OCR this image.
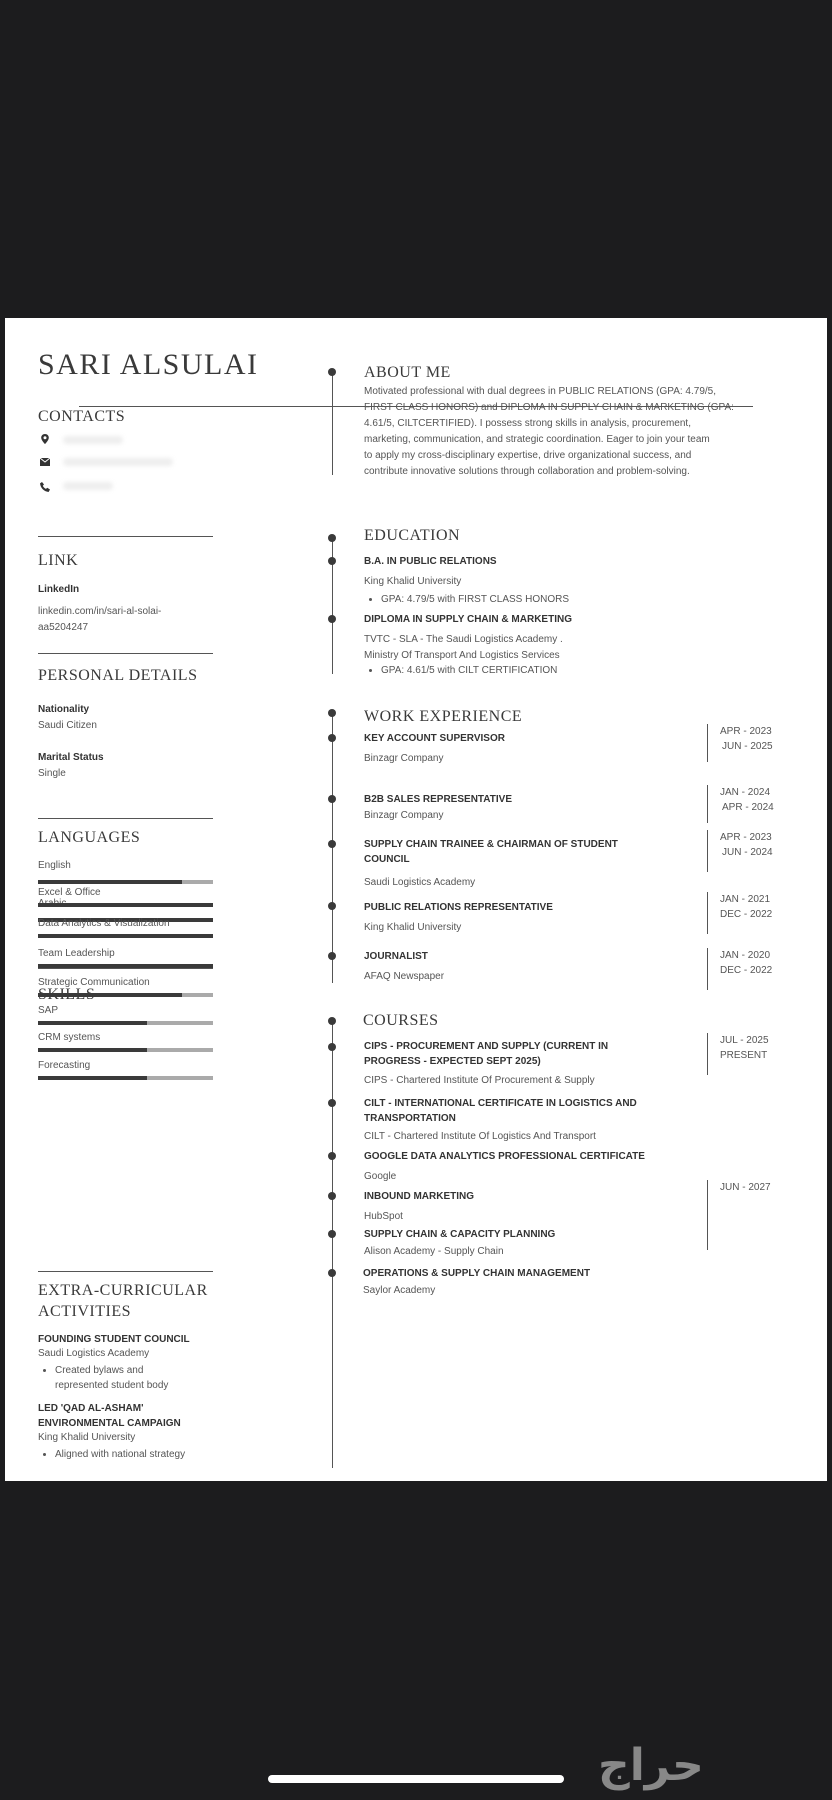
SARI ALSULAI
CONTACTS
LINK
LinkedIn
linkedin.com/in/sari-al-solai-
aa5204247
PERSONAL DETAILS
Nationality
Saudi Citizen
Marital Status
Single
LANGUAGES
English
Excel & Office
Data Analytics & Visualization
Team Leadership
Strategic Communication
SAP
CRM systems
Forecasting
EXTRA-CURRICULAR
ACTIVITIES
FOUNDING STUDENT COUNCIL
Saudi Logistics Academy
• Created bylaws and
represented student body
LED 'QAD AL-ASHAM'
ENVIRONMENTAL CAMPAIGN
King Khalid University
• Aligned with national strategy
ABOUT ME
Motivated professional with dual degrees in PUBLIC RELATIONS (GPA: 4.79/5,
FIRST CLASS HONORS) and DIPLOMA IN SUPPLY CHAIN & MARKETING (GPA:
4.61/5, CILTCERTIFIED). I possess strong skills in analysis, procurement,
marketing, communication, and strategic coordination. Eager to join your team
to apply my cross-disciplinary expertise, drive organizational success, and
contribute innovative solutions through collaboration and problem-solving.
EDUCATION
B.A. IN PUBLIC RELATIONS
King Khalid University
• GPA: 4.79/5 with FIRST CLASS HONORS
DIPLOMA IN SUPPLY CHAIN & MARKETING
TVTC - SLA - The Saudi Logistics Academy .
Ministry Of Transport And Logistics Services
• GPA: 4.61/5 with CILT CERTIFICATION
WORK EXPERIENCE
KEY ACCOUNT SUPERVISOR
Binzagr Company
APR - 2023
JUN - 2025
B2B SALES REPRESENTATIVE
Binzagr Company
JAN - 2024
APR - 2024
SUPPLY CHAIN TRAINEE & CHAIRMAN OF STUDENT
COUNCIL
Saudi Logistics Academy
APR - 2023
JUN - 2024
PUBLIC RELATIONS REPRESENTATIVE
King Khalid University
JAN - 2021
DEC - 2022
JOURNALIST
AFAQ Newspaper
JAN - 2020
DEC - 2022
COURSES
CIPS - PROCUREMENT AND SUPPLY (CURRENT IN
PROGRESS - EXPECTED SEPT 2025)
CIPS - Chartered Institute Of Procurement & Supply
JUL - 2025
PRESENT
CILT - INTERNATIONAL CERTIFICATE IN LOGISTICS AND
TRANSPORTATION
CILT - Chartered Institute Of Logistics And Transport
GOOGLE DATA ANALYTICS PROFESSIONAL CERTIFICATE
Google
INBOUND MARKETING
HubSpot
JUN - 2027
SUPPLY CHAIN & CAPACITY PLANNING
Alison Academy - Supply Chain
OPERATIONS & SUPPLY CHAIN MANAGEMENT
Saylor Academy
حراج
